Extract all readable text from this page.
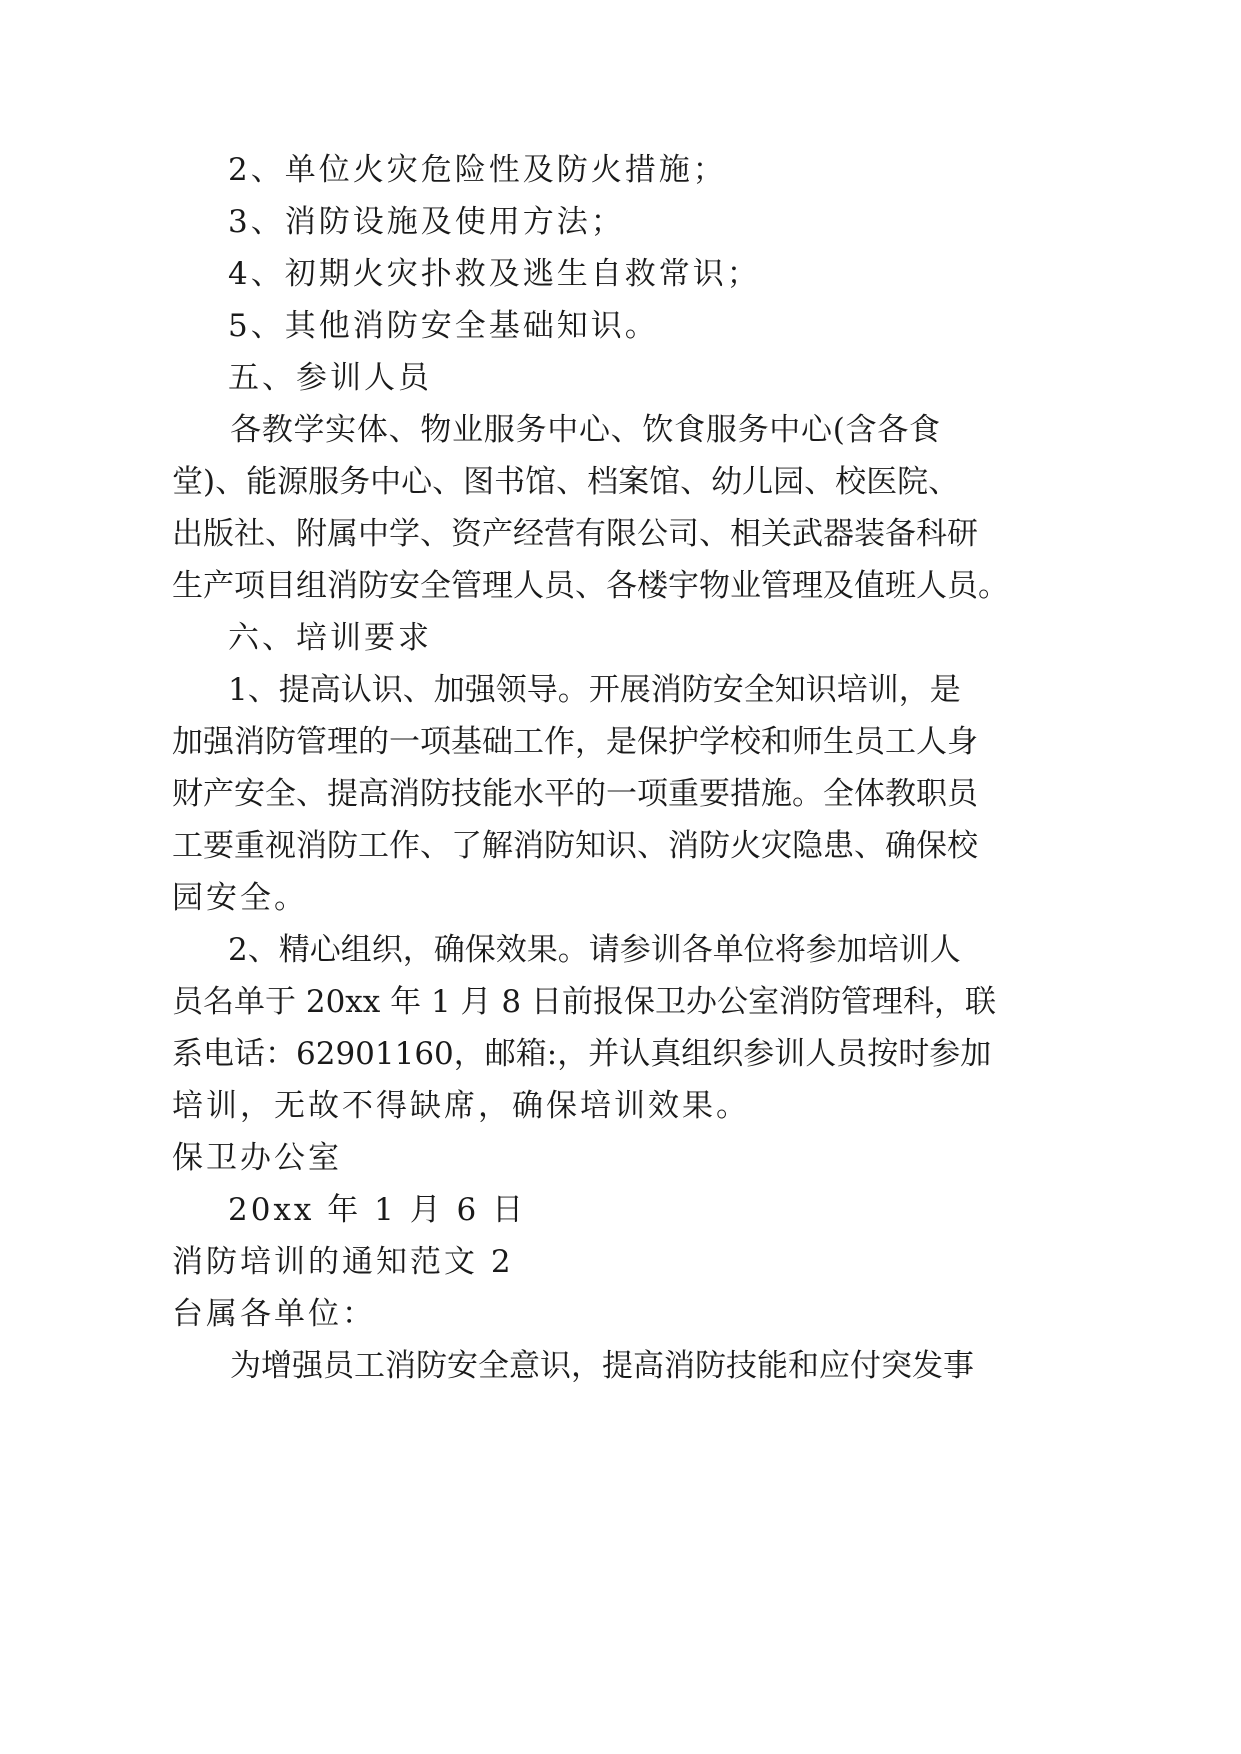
2、单位火灾危险性及防火措施；
3、消防设施及使用方法；
4、初期火灾扑救及逃生自救常识；
5、其他消防安全基础知识。
五、参训人员
各教学实体、物业服务中心、饮食服务中心(含各食
堂)、能源服务中心、图书馆、档案馆、幼儿园、校医院、
出版社、附属中学、资产经营有限公司、相关武器装备科研
生产项目组消防安全管理人员、各楼宇物业管理及值班人员。
六、培训要求
1、提高认识、加强领导。开展消防安全知识培训，是
加强消防管理的一项基础工作，是保护学校和师生员工人身
财产安全、提高消防技能水平的一项重要措施。全体教职员
工要重视消防工作、了解消防知识、消防火灾隐患、确保校
园安全。
2、精心组织，确保效果。请参训各单位将参加培训人
员名单于 20xx 年 1 月 8 日前报保卫办公室消防管理科，联
系电话：62901160，邮箱:，并认真组织参训人员按时参加
培训，无故不得缺席，确保培训效果。
保卫办公室
20xx 年 1 月 6 日
消防培训的通知范文 2
台属各单位：
为增强员工消防安全意识，提高消防技能和应付突发事
